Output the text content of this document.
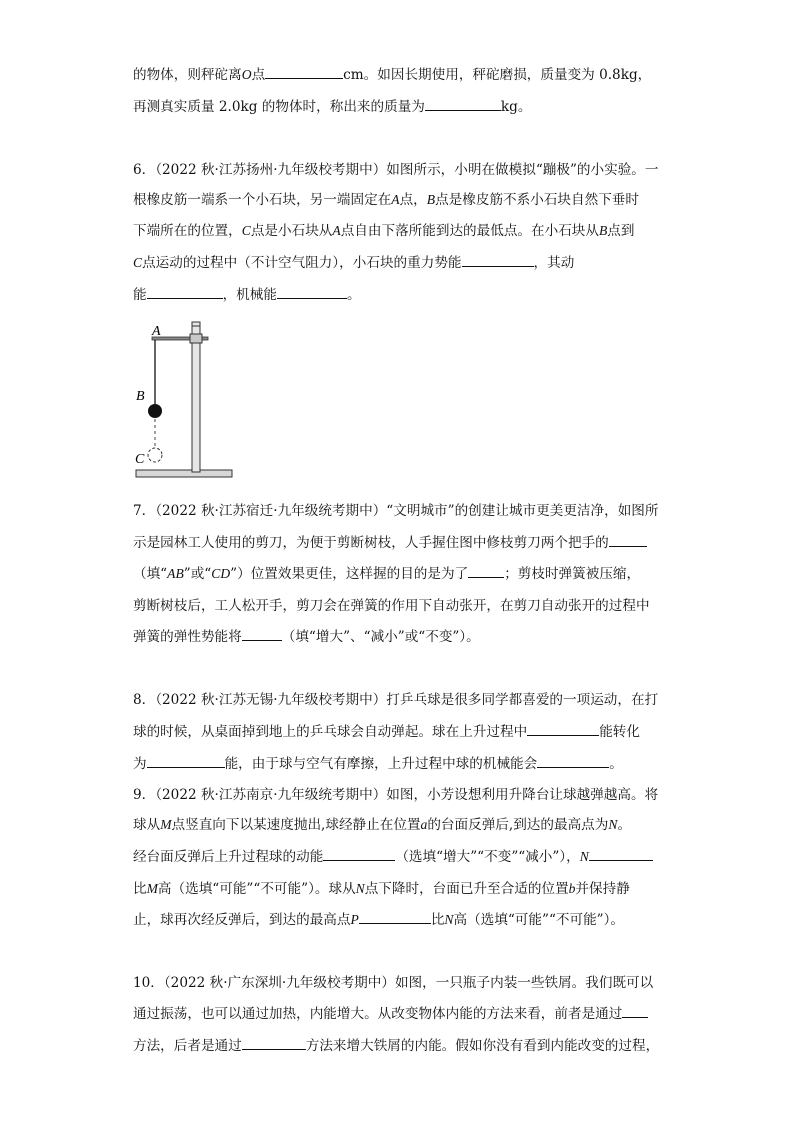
的物体，则秤砣离O点	cm。如因长期使用，秤砣磨损，质量变为 0.8kg，
再测真实质量 2.0kg 的物体时，称出来的质量为	kg。
6．（2022 秋·江苏扬州·九年级校考期中）如图所示，小明在做模拟“蹦极”的小实验。一
根橡皮筋一端系一个小石块，另一端固定在A点，B点是橡皮筋不系小石块自然下垂时
下端所在的位置，C点是小石块从A点自由下落所能到达的最低点。在小石块从B点到
C点运动的过程中（不计空气阻力），小石块的重力势能	，其动
能	，机械能	。
A
B
C
7．（2022 秋·江苏宿迁·九年级统考期中）“文明城市”的创建让城市更美更洁净，如图所
示是园林工人使用的剪刀，为便于剪断树枝，人手握住图中修枝剪刀两个把手的
（填“AB”或“CD”）位置效果更佳，这样握的目的是为了	；剪枝时弹簧被压缩，
剪断树枝后，工人松开手，剪刀会在弹簧的作用下自动张开，在剪刀自动张开的过程中
弹簧的弹性势能将	（填“增大”、“减小”或“不变”）。
8．（2022 秋·江苏无锡·九年级校考期中）打乒乓球是很多同学都喜爱的一项运动，在打
球的时候，从桌面掉到地上的乒乓球会自动弹起。球在上升过程中	能转化
为	能，由于球与空气有摩擦，上升过程中球的机械能会	。
9．（2022 秋·江苏南京·九年级统考期中）如图，小芳设想利用升降台让球越弹越高。将
球从M点竖直向下以某速度抛出,球经静止在位置a的台面反弹后,到达的最高点为N。
经台面反弹后上升过程球的动能	（选填“增大”“不变”“减小”），N
比M高（选填“可能”“不可能”）。球从N点下降时，台面已升至合适的位置b并保持静
止，球再次经反弹后，到达的最高点P	比N高（选填“可能”“不可能”）。
10．（2022 秋·广东深圳·九年级校考期中）如图，一只瓶子内装一些铁屑。我们既可以
通过振荡，也可以通过加热，内能增大。从改变物体内能的方法来看，前者是通过
方法，后者是通过	方法来增大铁屑的内能。假如你没有看到内能改变的过程，
